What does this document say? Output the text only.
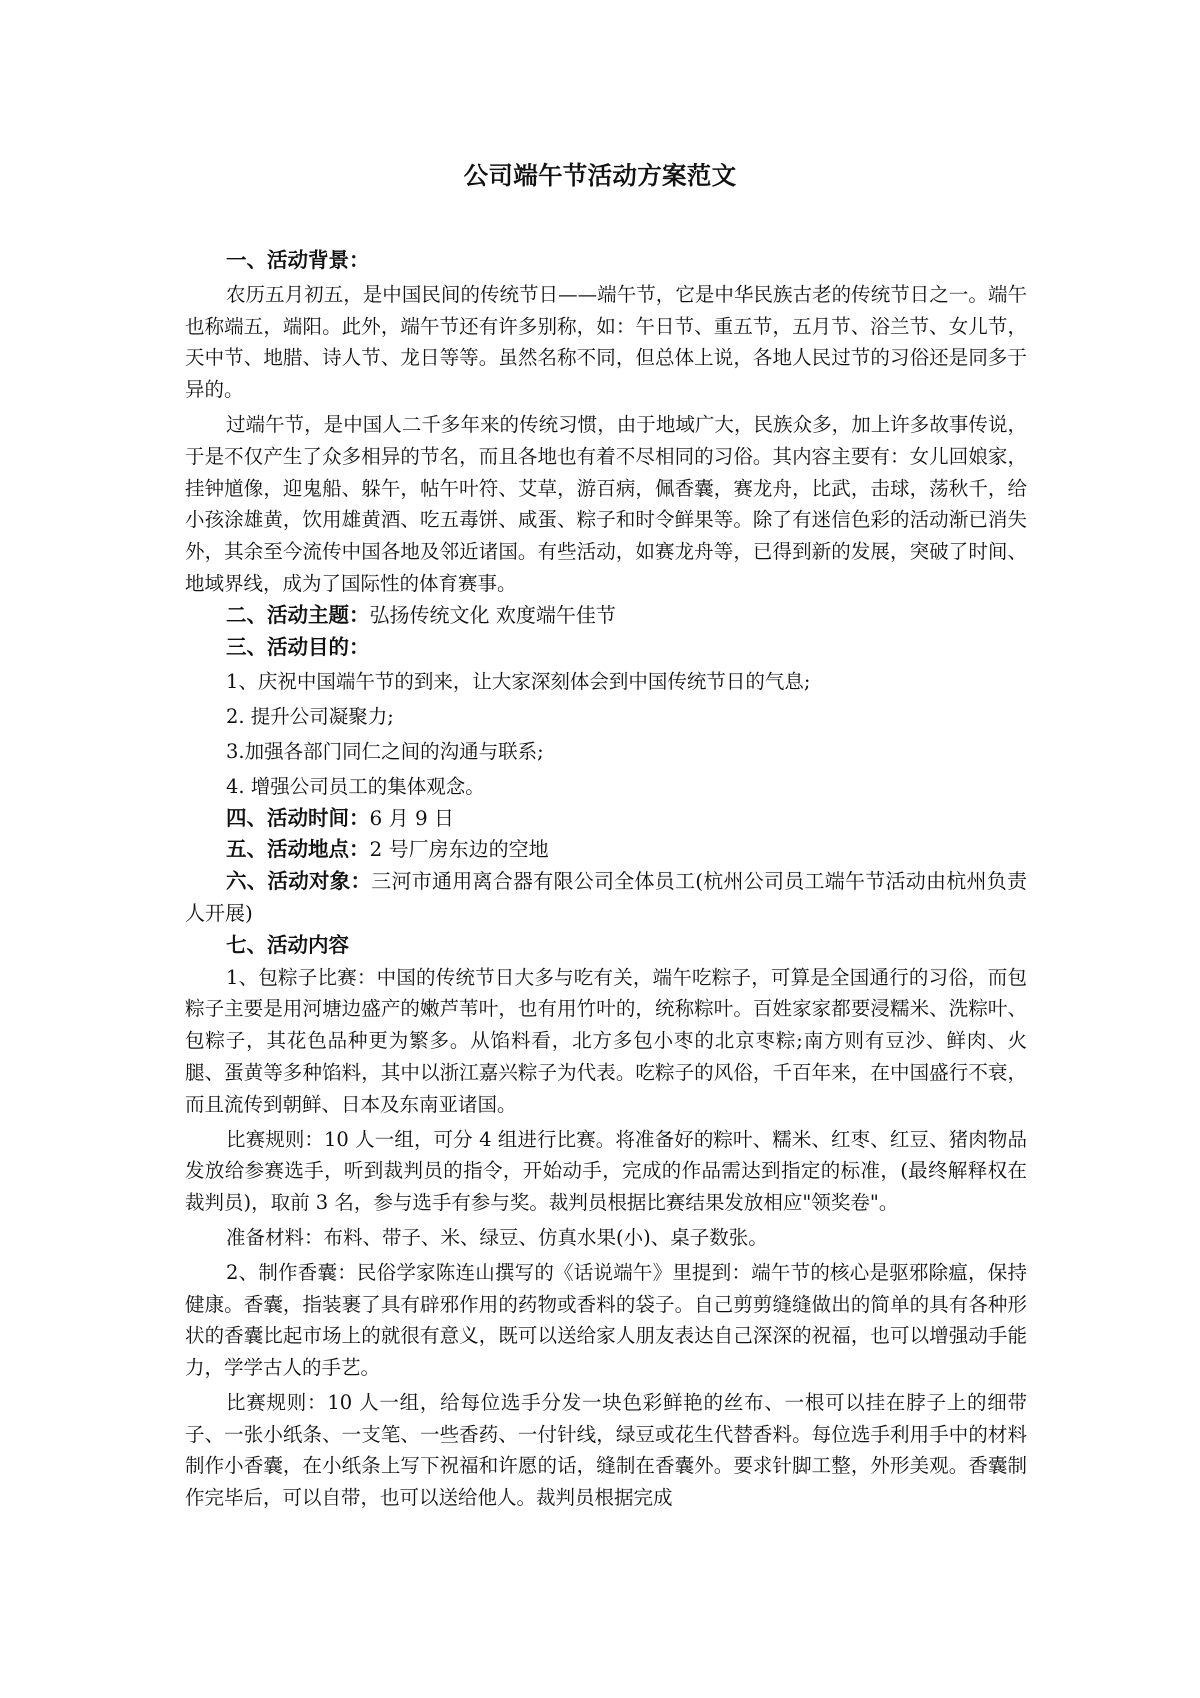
公司端午节活动方案范文

一、活动背景：

农历五月初五，是中国民间的传统节日——端午节，它是中华民族古老的传统节日之一。端午也称端五，端阳。此外，端午节还有许多别称，如：午日节、重五节，五月节、浴兰节、女儿节，天中节、地腊、诗人节、龙日等等。虽然名称不同，但总体上说，各地人民过节的习俗还是同多于异的。

过端午节，是中国人二千多年来的传统习惯，由于地域广大，民族众多，加上许多故事传说，于是不仅产生了众多相异的节名，而且各地也有着不尽相同的习俗。其内容主要有：女儿回娘家，挂钟馗像，迎鬼船、躲午，帖午叶符、艾草，游百病，佩香囊，赛龙舟，比武，击球，荡秋千，给小孩涂雄黄，饮用雄黄酒、吃五毒饼、咸蛋、粽子和时令鲜果等。除了有迷信色彩的活动渐已消失外，其余至今流传中国各地及邻近诸国。有些活动，如赛龙舟等，已得到新的发展，突破了时间、地域界线，成为了国际性的体育赛事。

二、活动主题：弘扬传统文化 欢度端午佳节

三、活动目的：

1、庆祝中国端午节的到来，让大家深刻体会到中国传统节日的气息;

2. 提升公司凝聚力;

3.加强各部门同仁之间的沟通与联系;

4. 增强公司员工的集体观念。

四、活动时间：6 月 9 日

五、活动地点：2 号厂房东边的空地

六、活动对象：三河市通用离合器有限公司全体员工(杭州公司员工端午节活动由杭州负责人开展)

七、活动内容

1、包粽子比赛：中国的传统节日大多与吃有关，端午吃粽子，可算是全国通行的习俗，而包粽子主要是用河塘边盛产的嫩芦苇叶，也有用竹叶的，统称粽叶。百姓家家都要浸糯米、洗粽叶、包粽子，其花色品种更为繁多。从馅料看，北方多包小枣的北京枣粽;南方则有豆沙、鲜肉、火腿、蛋黄等多种馅料，其中以浙江嘉兴粽子为代表。吃粽子的风俗，千百年来，在中国盛行不衰，而且流传到朝鲜、日本及东南亚诸国。

比赛规则：10 人一组，可分 4 组进行比赛。将准备好的粽叶、糯米、红枣、红豆、猪肉物品发放给参赛选手，听到裁判员的指令，开始动手，完成的作品需达到指定的标准，(最终解释权在裁判员)，取前 3 名，参与选手有参与奖。裁判员根据比赛结果发放相应"领奖卷"。

准备材料：布料、带子、米、绿豆、仿真水果(小)、桌子数张。

2、制作香囊：民俗学家陈连山撰写的《话说端午》里提到：端午节的核心是驱邪除瘟，保持健康。香囊，指装裹了具有辟邪作用的药物或香料的袋子。自己剪剪缝缝做出的简单的具有各种形状的香囊比起市场上的就很有意义，既可以送给家人朋友表达自己深深的祝福，也可以增强动手能力，学学古人的手艺。

比赛规则：10 人一组，给每位选手分发一块色彩鲜艳的丝布、一根可以挂在脖子上的细带子、一张小纸条、一支笔、一些香药、一付针线，绿豆或花生代替香料。每位选手利用手中的材料制作小香囊，在小纸条上写下祝福和许愿的话，缝制在香囊外。要求针脚工整，外形美观。香囊制作完毕后，可以自带，也可以送给他人。裁判员根据完成
